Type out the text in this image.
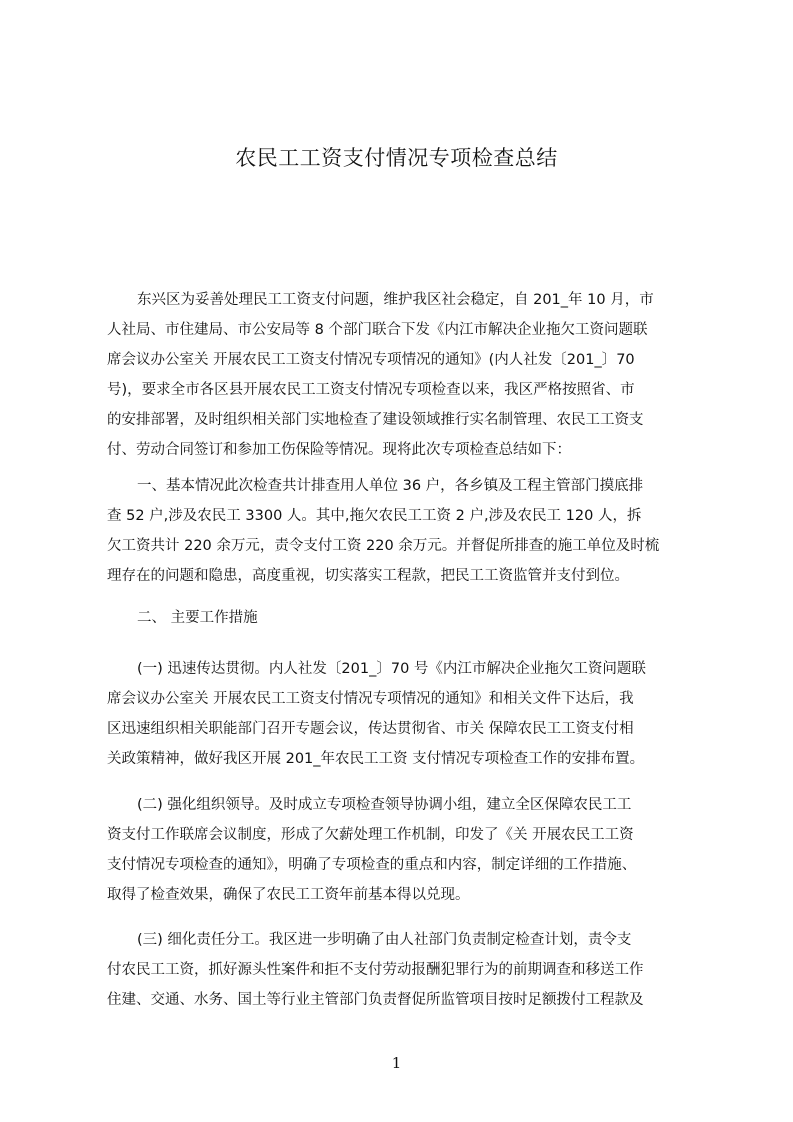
农民工工资支付情况专项检查总结
东兴区为妥善处理民工工资支付问题，维护我区社会稳定，自 201_年 10 月，市
人社局、市住建局、市公安局等 8 个部门联合下发《内江市解决企业拖欠工资问题联
席会议办公室关 开展农民工工资支付情况专项情况的通知》(内人社发〔201_〕70
号)，要求全市各区县开展农民工工资支付情况专项检查以来，我区严格按照省、市
的安排部署，及时组织相关部门实地检查了建设领域推行实名制管理、农民工工资支
付、劳动合同签订和参加工伤保险等情况。现将此次专项检查总结如下：
一、基本情况此次检查共计排查用人单位 36 户，各乡镇及工程主管部门摸底排
查 52 户,涉及农民工 3300 人。其中,拖欠农民工工资 2 户,涉及农民工 120 人，拆
欠工资共计 220 余万元，责令支付工资 220 余万元。并督促所排查的施工单位及时梳
理存在的问题和隐患，高度重视，切实落实工程款，把民工工资监管并支付到位。
二、 主要工作措施
(一) 迅速传达贯彻。内人社发〔201_〕70 号《内江市解决企业拖欠工资问题联
席会议办公室关 开展农民工工资支付情况专项情况的通知》和相关文件下达后，我
区迅速组织相关职能部门召开专题会议，传达贯彻省、市关 保障农民工工资支付相
关政策精神，做好我区开展 201_年农民工工资 支付情况专项检查工作的安排布置。
(二) 强化组织领导。及时成立专项检查领导协调小组，建立全区保障农民工工
资支付工作联席会议制度，形成了欠薪处理工作机制，印发了《关 开展农民工工资
支付情况专项检查的通知》，明确了专项检查的重点和内容，制定详细的工作措施、
取得了检查效果，确保了农民工工资年前基本得以兑现。
(三) 细化责任分工。我区进一步明确了由人社部门负责制定检查计划，责令支
付农民工工资，抓好源头性案件和拒不支付劳动报酬犯罪行为的前期调查和移送工作
住建、交通、水务、国土等行业主管部门负责督促所监管项目按时足额拨付工程款及
1
